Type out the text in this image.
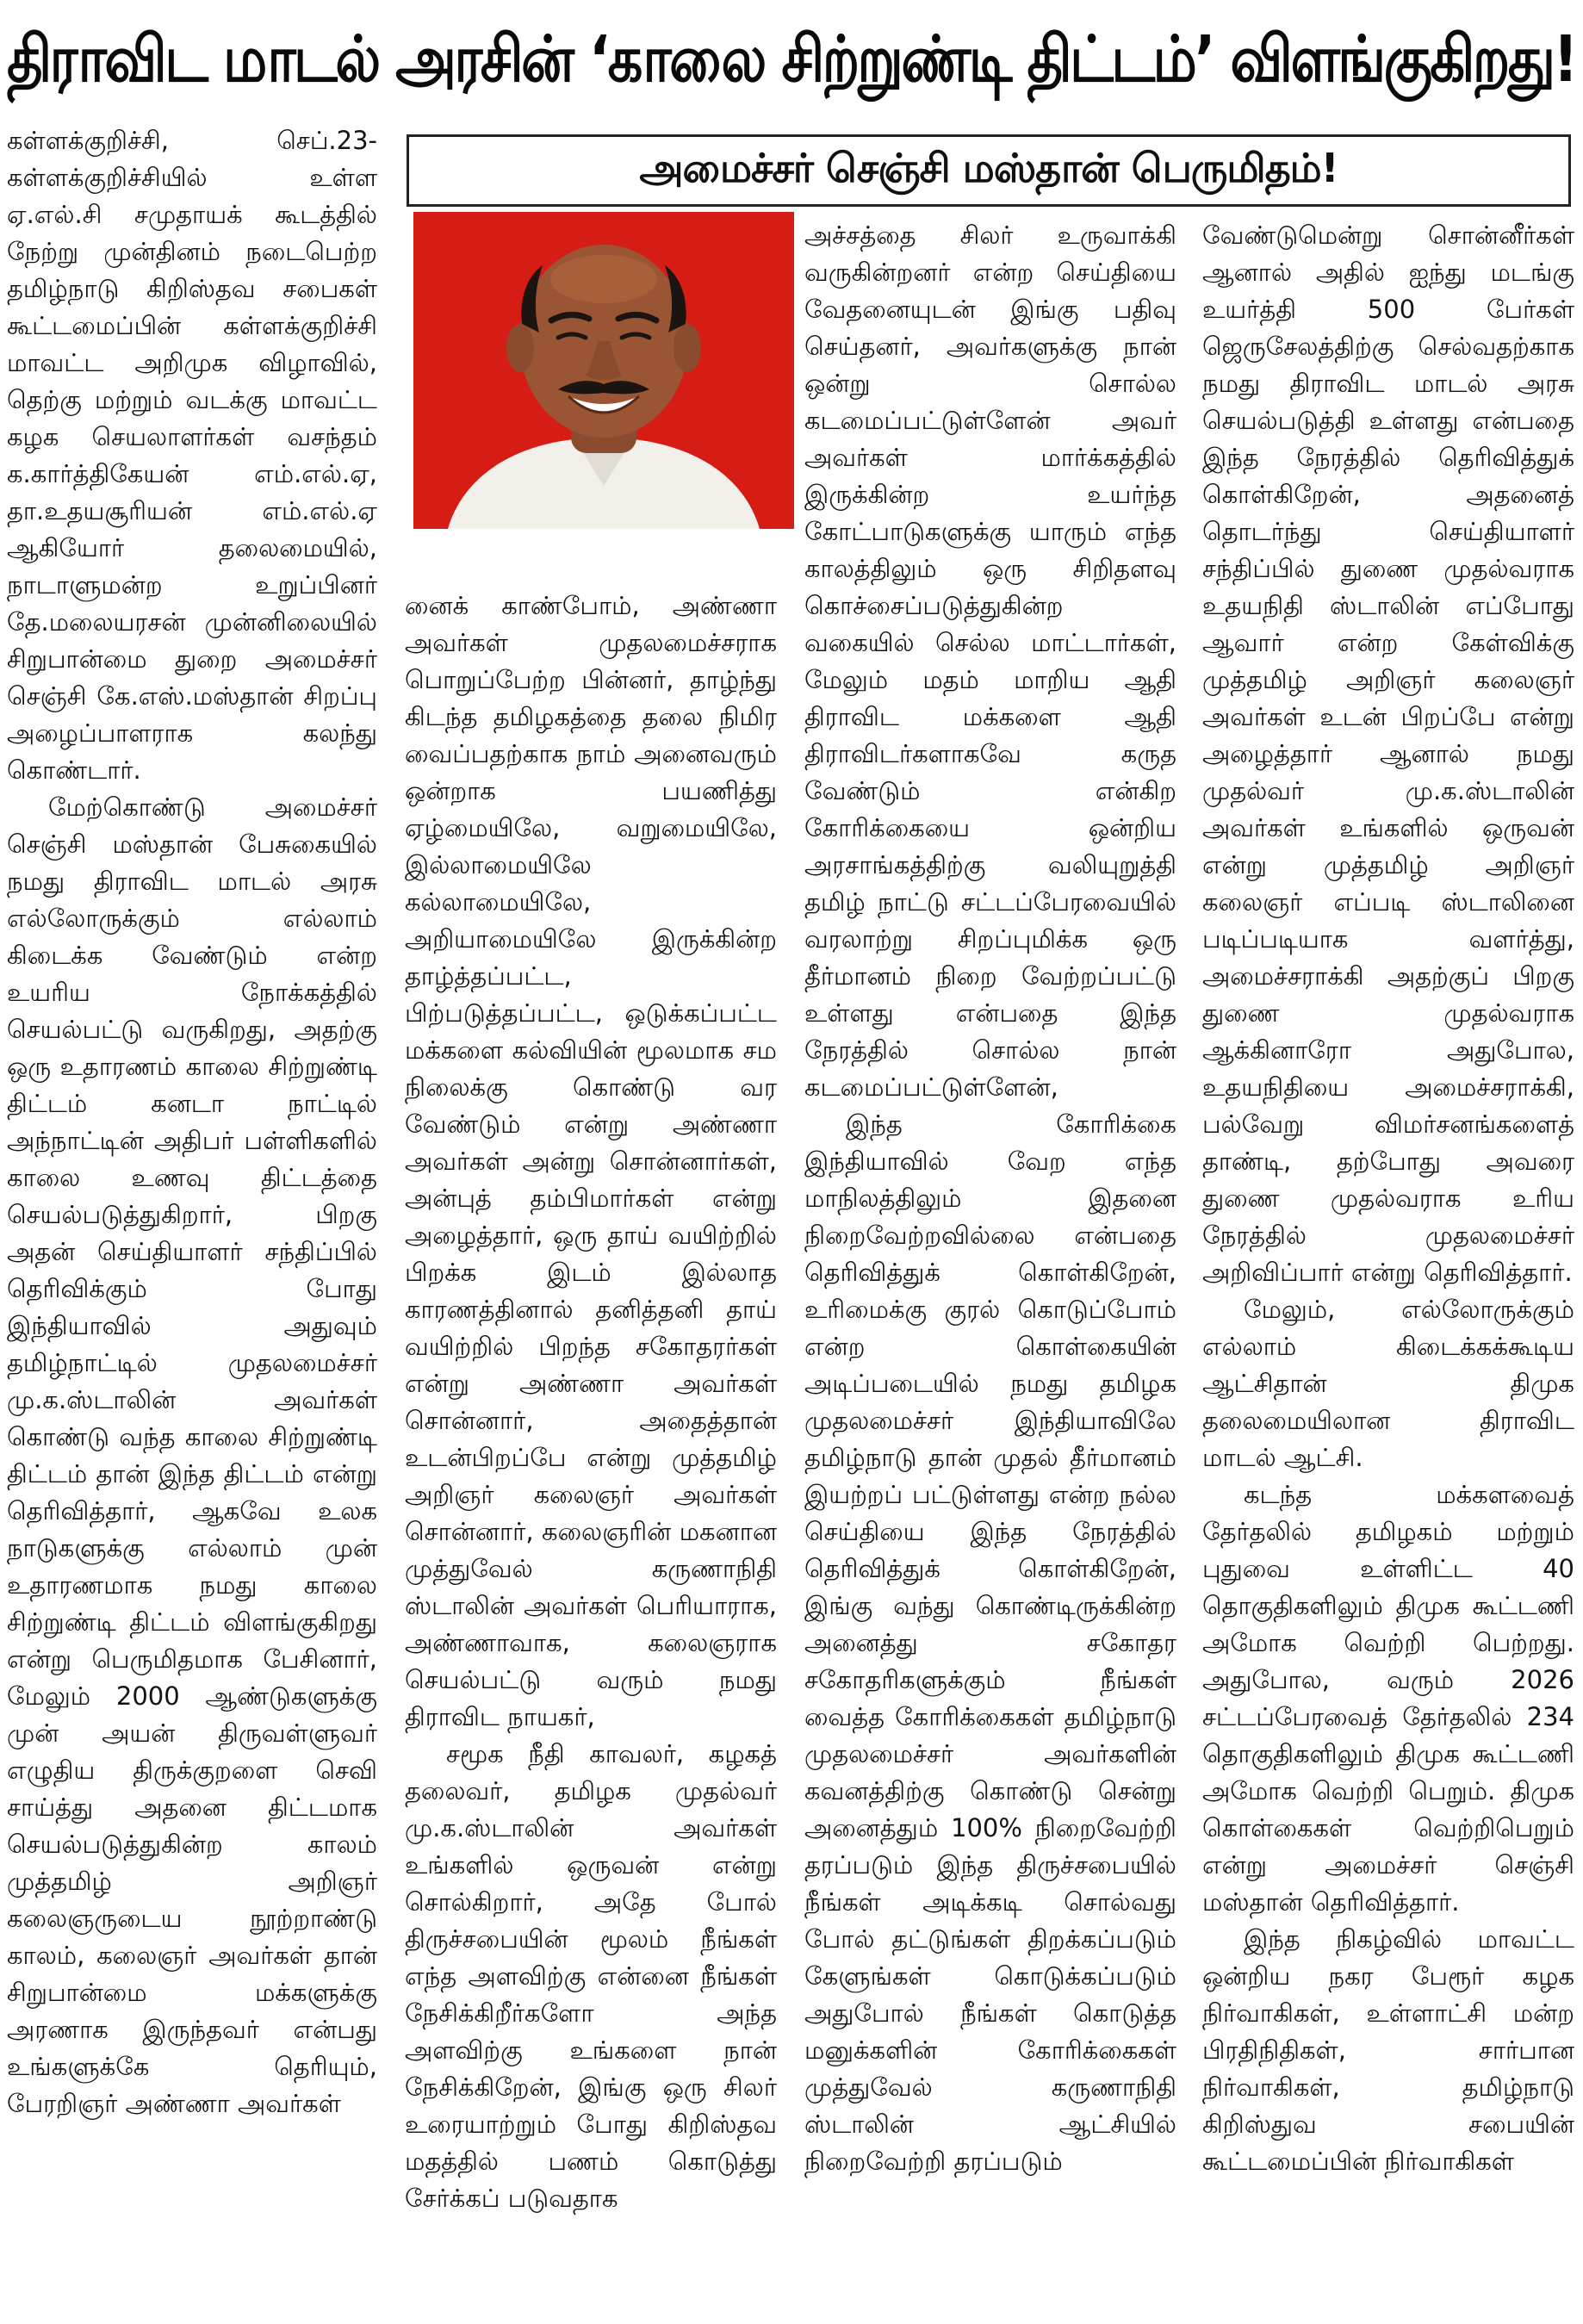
திராவிட மாடல் அரசின் ‘காலை சிற்றுண்டி திட்டம்’ விளங்குகிறது!
அமைச்சர் செஞ்சி மஸ்தான் பெருமிதம்!

கள்ளக்குறிச்சி, செப்.23- கள்ளக்குறிச்சியில் உள்ள ஏ.எல்.சி சமுதாயக் கூடத்தில் நேற்று முன்தினம் நடைபெற்ற தமிழ்நாடு கிறிஸ்தவ சபைகள் கூட்டமைப்பின் கள்ளக்குறிச்சி மாவட்ட அறிமுக விழாவில், தெற்கு மற்றும் வடக்கு மாவட்ட கழக செயலாளர்கள் வசந்தம் க.கார்த்திகேயன் எம்.எல்.ஏ, தா.உதயசூரியன் எம்.எல்.ஏ ஆகியோர் தலைமையில், நாடாளுமன்ற உறுப்பினர் தே.மலையரசன் முன்னிலையில் சிறுபான்மை துறை அமைச்சர் செஞ்சி கே.எஸ்.மஸ்தான் சிறப்பு அழைப்பாளராக கலந்து கொண்டார்.

மேற்கொண்டு அமைச்சர் செஞ்சி மஸ்தான் பேசுகையில் நமது திராவிட மாடல் அரசு எல்லோருக்கும் எல்லாம் கிடைக்க வேண்டும் என்ற உயரிய நோக்கத்தில் செயல்பட்டு வருகிறது, அதற்கு ஒரு உதாரணம் காலை சிற்றுண்டி திட்டம் கனடா நாட்டில் அந்நாட்டின் அதிபர் பள்ளிகளில் காலை உணவு திட்டத்தை செயல்படுத்துகிறார், பிறகு அதன் செய்தியாளர் சந்திப்பில் தெரிவிக்கும் போது இந்தியாவில் அதுவும் தமிழ்நாட்டில் முதலமைச்சர் மு.க.ஸ்டாலின் அவர்கள் கொண்டு வந்த காலை சிற்றுண்டி திட்டம் தான் இந்த திட்டம் என்று தெரிவித்தார், ஆகவே உலக நாடுகளுக்கு எல்லாம் முன் உதாரணமாக நமது காலை சிற்றுண்டி திட்டம் விளங்குகிறது என்று பெருமிதமாக பேசினார், மேலும் 2000 ஆண்டுகளுக்கு முன் அயன் திருவள்ளுவர் எழுதிய திருக்குறளை செவி சாய்த்து அதனை திட்டமாக செயல்படுத்துகின்ற காலம் முத்தமிழ் அறிஞர் கலைஞருடைய நூற்றாண்டு காலம், கலைஞர் அவர்கள் தான் சிறுபான்மை மக்களுக்கு அரணாக இருந்தவர் என்பது உங்களுக்கே தெரியும், பேரறிஞர் அண்ணா அவர்கள்

னைக் காண்போம், அண்ணா அவர்கள் முதலமைச்சராக பொறுப்பேற்ற பின்னர், தாழ்ந்து கிடந்த தமிழகத்தை தலை நிமிர வைப்பதற்காக நாம் அனைவரும் ஒன்றாக பயணித்து ஏழ்மையிலே, வறுமையிலே, இல்லாமையிலே கல்லாமையிலே, அறியாமையிலே இருக்கின்ற தாழ்த்தப்பட்ட, பிற்படுத்தப்பட்ட, ஒடுக்கப்பட்ட மக்களை கல்வியின் மூலமாக சம நிலைக்கு கொண்டு வர வேண்டும் என்று அண்ணா அவர்கள் அன்று சொன்னார்கள், அன்புத் தம்பிமார்கள் என்று அழைத்தார், ஒரு தாய் வயிற்றில் பிறக்க இடம் இல்லாத காரணத்தினால் தனித்தனி தாய் வயிற்றில் பிறந்த சகோதரர்கள் என்று அண்ணா அவர்கள் சொன்னார், அதைத்தான் உடன்பிறப்பே என்று முத்தமிழ் அறிஞர் கலைஞர் அவர்கள் சொன்னார், கலைஞரின் மகனான முத்துவேல் கருணாநிதி ஸ்டாலின் அவர்கள் பெரியாராக, அண்ணாவாக, கலைஞராக செயல்பட்டு வரும் நமது திராவிட நாயகர்,

சமூக நீதி காவலர், கழகத் தலைவர், தமிழக முதல்வர் மு.க.ஸ்டாலின் அவர்கள் உங்களில் ஒருவன் என்று சொல்கிறார், அதே போல் திருச்சபையின் மூலம் நீங்கள் எந்த அளவிற்கு என்னை நீங்கள் நேசிக்கிறீர்களோ அந்த அளவிற்கு உங்களை நான் நேசிக்கிறேன், இங்கு ஒரு சிலர் உரையாற்றும் போது கிறிஸ்தவ மதத்தில் பணம் கொடுத்து சேர்க்கப் படுவதாக

அச்சத்தை சிலர் உருவாக்கி வருகின்றனர் என்ற செய்தியை வேதனையுடன் இங்கு பதிவு செய்தனர், அவர்களுக்கு நான் ஒன்று சொல்ல கடமைப்பட்டுள்ளேன் அவர் அவர்கள் மார்க்கத்தில் இருக்கின்ற உயர்ந்த கோட்பாடுகளுக்கு யாரும் எந்த காலத்திலும் ஒரு சிறிதளவு கொச்சைப்படுத்துகின்ற வகையில் செல்ல மாட்டார்கள், மேலும் மதம் மாறிய ஆதி திராவிட மக்களை ஆதி திராவிடர்களாகவே கருத வேண்டும் என்கிற கோரிக்கையை ஒன்றிய அரசாங்கத்திற்கு வலியுறுத்தி தமிழ் நாட்டு சட்டப்பேரவையில் வரலாற்று சிறப்புமிக்க ஒரு தீர்மானம் நிறை வேற்றப்பட்டு உள்ளது என்பதை இந்த நேரத்தில் சொல்ல நான் கடமைப்பட்டுள்ளேன்,

இந்த கோரிக்கை இந்தியாவில் வேற எந்த மாநிலத்திலும் இதனை நிறைவேற்றவில்லை என்பதை தெரிவித்துக் கொள்கிறேன், உரிமைக்கு குரல் கொடுப்போம் என்ற கொள்கையின் அடிப்படையில் நமது தமிழக முதலமைச்சர் இந்தியாவிலே தமிழ்நாடு தான் முதல் தீர்மானம் இயற்றப் பட்டுள்ளது என்ற நல்ல செய்தியை இந்த நேரத்தில் தெரிவித்துக் கொள்கிறேன், இங்கு வந்து கொண்டிருக்கின்ற அனைத்து சகோதர சகோதரிகளுக்கும் நீங்கள் வைத்த கோரிக்கைகள் தமிழ்நாடு முதலமைச்சர் அவர்களின் கவனத்திற்கு கொண்டு சென்று அனைத்தும் 100% நிறைவேற்றி தரப்படும் இந்த திருச்சபையில் நீங்கள் அடிக்கடி சொல்வது போல் தட்டுங்கள் திறக்கப்படும் கேளுங்கள் கொடுக்கப்படும் அதுபோல் நீங்கள் கொடுத்த மனுக்களின் கோரிக்கைகள் முத்துவேல் கருணாநிதி ஸ்டாலின் ஆட்சியில் நிறைவேற்றி தரப்படும்

வேண்டுமென்று சொன்னீர்கள் ஆனால் அதில் ஐந்து மடங்கு உயர்த்தி 500 பேர்கள் ஜெருசேலத்திற்கு செல்வதற்காக நமது திராவிட மாடல் அரசு செயல்படுத்தி உள்ளது என்பதை இந்த நேரத்தில் தெரிவித்துக் கொள்கிறேன், அதனைத் தொடர்ந்து செய்தியாளர் சந்திப்பில் துணை முதல்வராக உதயநிதி ஸ்டாலின் எப்போது ஆவார் என்ற கேள்விக்கு முத்தமிழ் அறிஞர் கலைஞர் அவர்கள் உடன் பிறப்பே என்று அழைத்தார் ஆனால் நமது முதல்வர் மு.க.ஸ்டாலின் அவர்கள் உங்களில் ஒருவன் என்று முத்தமிழ் அறிஞர் கலைஞர் எப்படி ஸ்டாலினை படிப்படியாக வளர்த்து, அமைச்சராக்கி அதற்குப் பிறகு துணை முதல்வராக ஆக்கினாரோ அதுபோல, உதயநிதியை அமைச்சராக்கி, பல்வேறு விமர்சனங்களைத் தாண்டி, தற்போது அவரை துணை முதல்வராக உரிய நேரத்தில் முதலமைச்சர் அறிவிப்பார் என்று தெரிவித்தார்.

மேலும், எல்லோருக்கும் எல்லாம் கிடைக்கக்கூடிய ஆட்சிதான் திமுக தலைமையிலான திராவிட மாடல் ஆட்சி.

கடந்த மக்களவைத் தேர்தலில் தமிழகம் மற்றும் புதுவை உள்ளிட்ட 40 தொகுதிகளிலும் திமுக கூட்டணி அமோக வெற்றி பெற்றது. அதுபோல, வரும் 2026 சட்டப்பேரவைத் தேர்தலில் 234 தொகுதிகளிலும் திமுக கூட்டணி அமோக வெற்றி பெறும். திமுக கொள்கைகள் வெற்றிபெறும் என்று அமைச்சர் செஞ்சி மஸ்தான் தெரிவித்தார்.

இந்த நிகழ்வில் மாவட்ட ஒன்றிய நகர பேரூர் கழக நிர்வாகிகள், உள்ளாட்சி மன்ற பிரதிநிதிகள், சார்பான நிர்வாகிகள், தமிழ்நாடு கிறிஸ்துவ சபையின் கூட்டமைப்பின் நிர்வாகிகள்
